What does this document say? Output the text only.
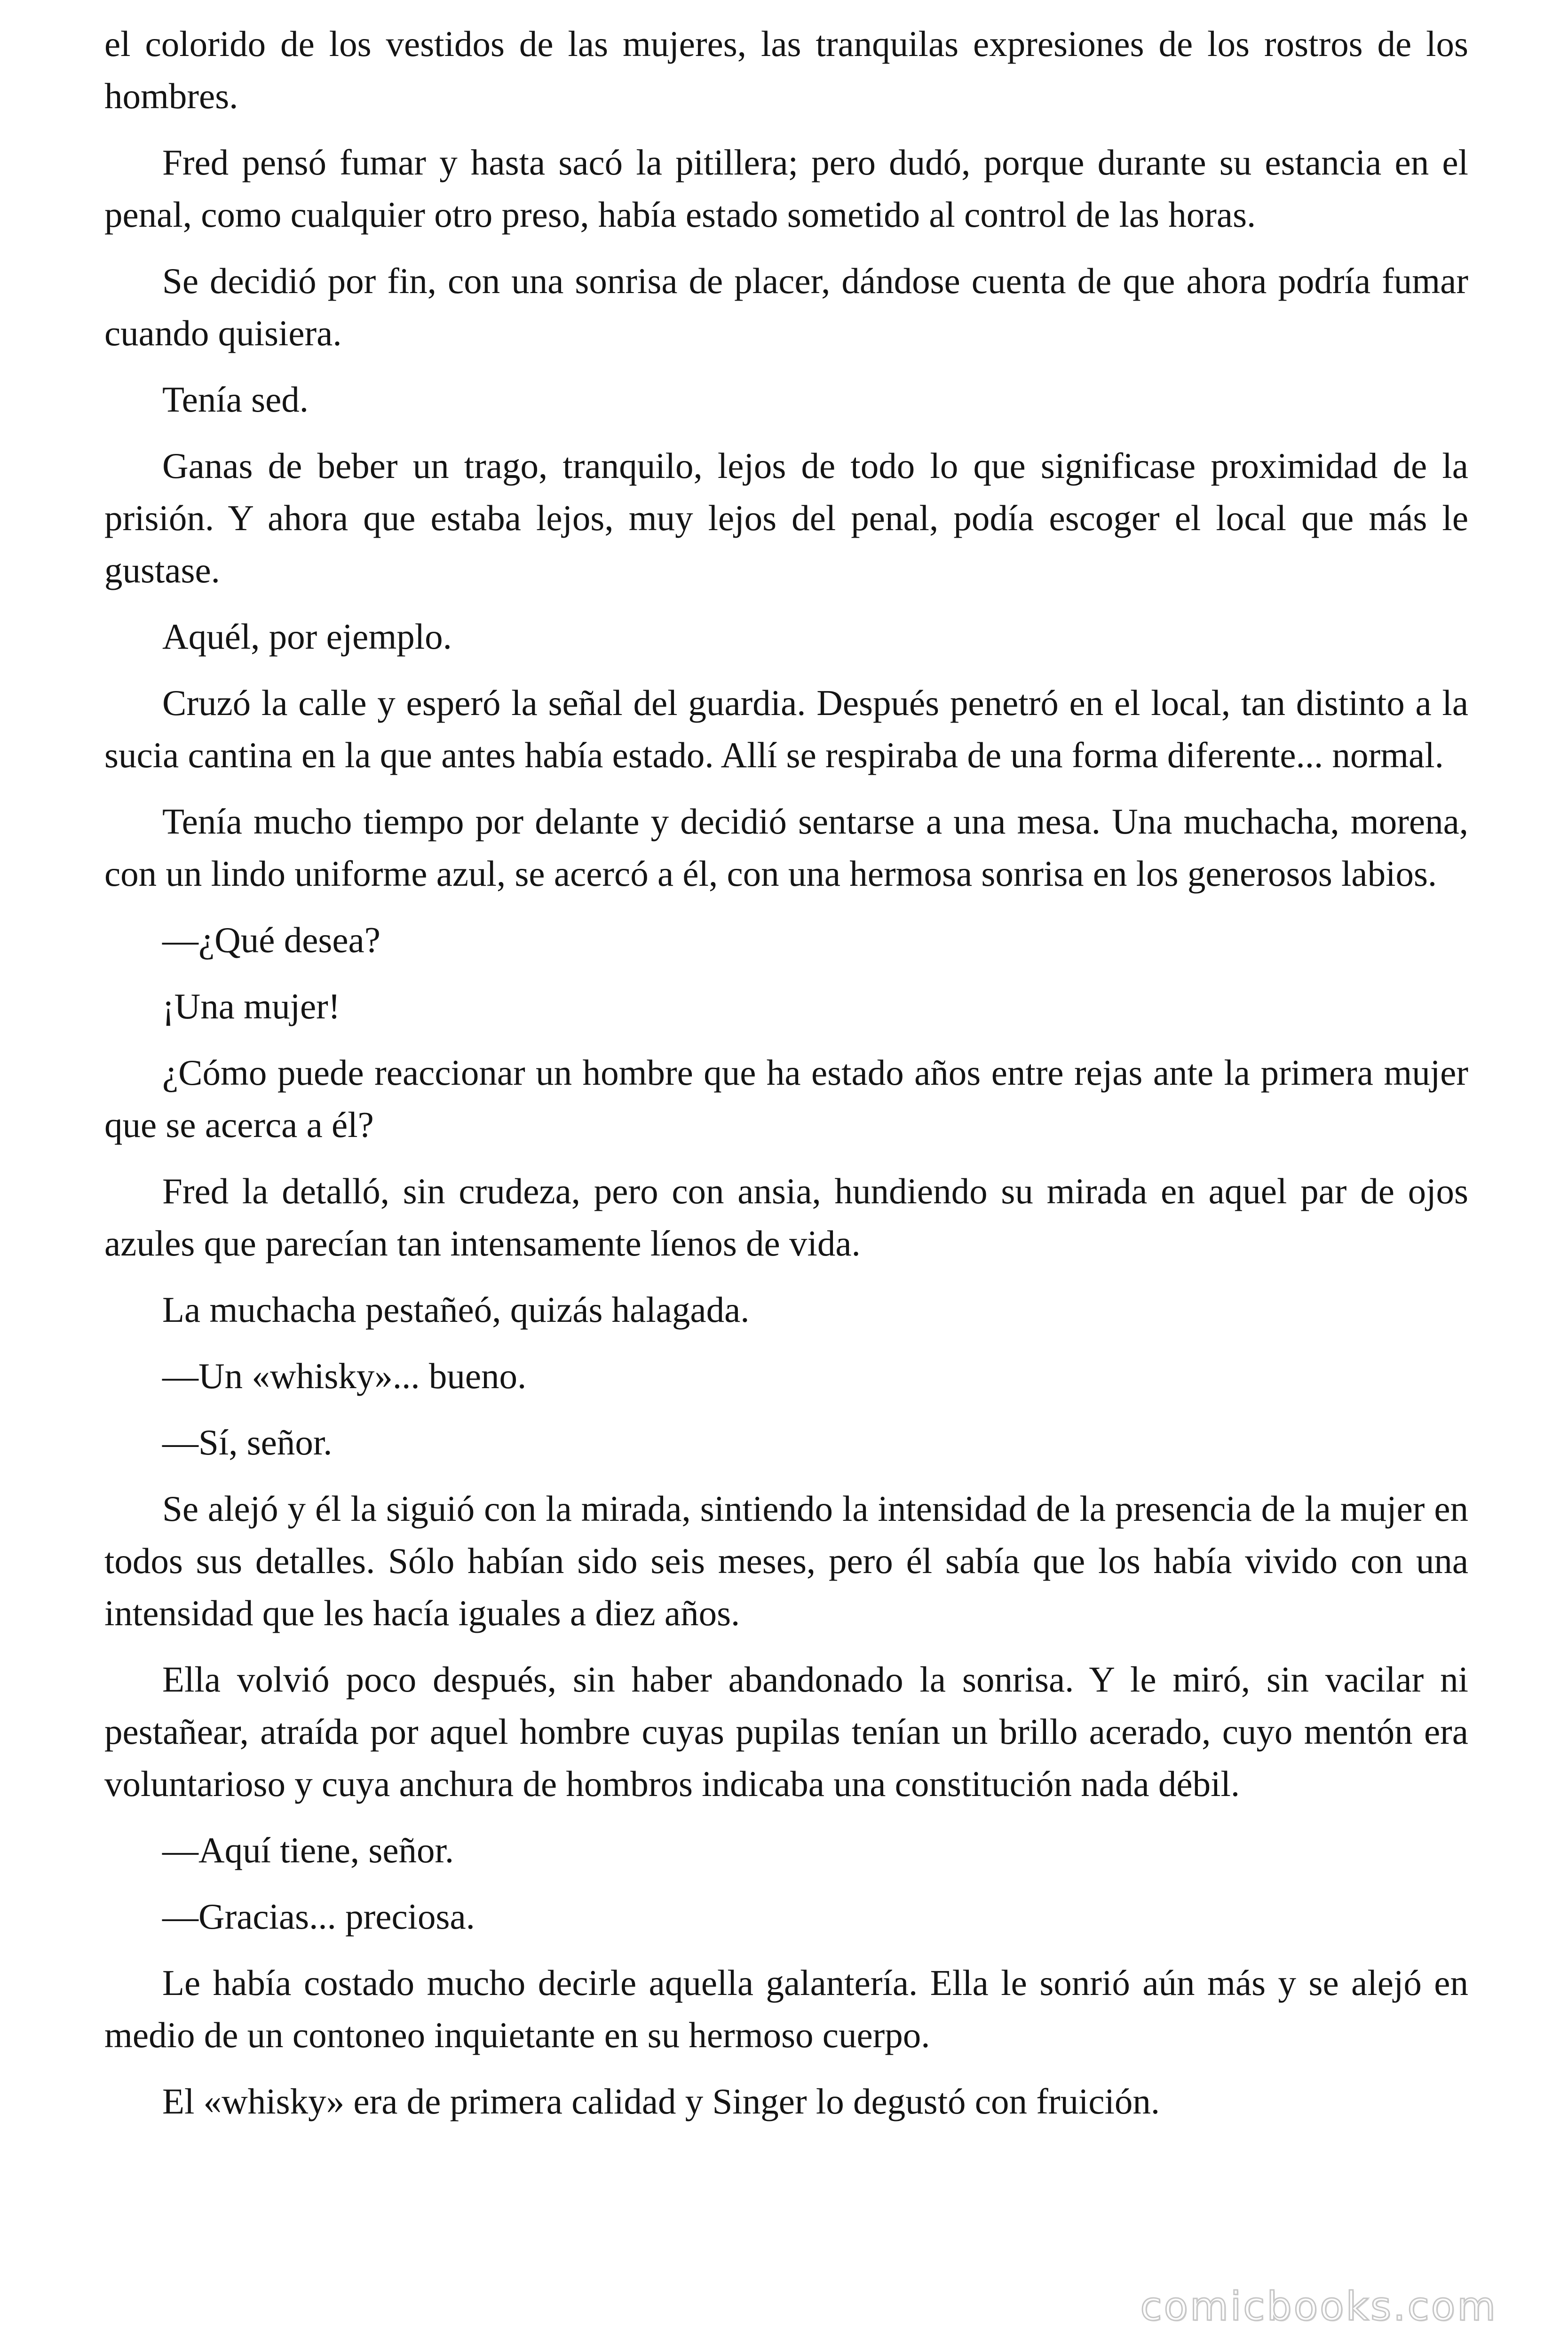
el colorido de los vestidos de las mujeres, las tranquilas expresiones de los rostros de los hombres.

Fred pensó fumar y hasta sacó la pitillera; pero dudó, porque durante su estancia en el penal, como cualquier otro preso, había estado sometido al control de las horas.

Se decidió por fin, con una sonrisa de placer, dándose cuenta de que ahora podría fumar cuando quisiera.

Tenía sed.

Ganas de beber un trago, tranquilo, lejos de todo lo que significase proximidad de la prisión. Y ahora que estaba lejos, muy lejos del penal, podía escoger el local que más le gustase.

Aquél, por ejemplo.

Cruzó la calle y esperó la señal del guardia. Después penetró en el local, tan distinto a la sucia cantina en la que antes había estado. Allí se respiraba de una forma diferente... normal.

Tenía mucho tiempo por delante y decidió sentarse a una mesa. Una muchacha, morena, con un lindo uniforme azul, se acercó a él, con una hermosa sonrisa en los generosos labios.

—¿Qué desea?

¡Una mujer!

¿Cómo puede reaccionar un hombre que ha estado años entre rejas ante la primera mujer que se acerca a él?

Fred la detalló, sin crudeza, pero con ansia, hundiendo su mirada en aquel par de ojos azules que parecían tan intensamente líenos de vida.

La muchacha pestañeó, quizás halagada.

—Un «whisky»... bueno.

—Sí, señor.

Se alejó y él la siguió con la mirada, sintiendo la intensidad de la presencia de la mujer en todos sus detalles. Sólo habían sido seis meses, pero él sabía que los había vivido con una intensidad que les hacía iguales a diez años.

Ella volvió poco después, sin haber abandonado la sonrisa. Y le miró, sin vacilar ni pestañear, atraída por aquel hombre cuyas pupilas tenían un brillo acerado, cuyo mentón era voluntarioso y cuya anchura de hombros indicaba una constitución nada débil.

—Aquí tiene, señor.

—Gracias... preciosa.

Le había costado mucho decirle aquella galantería. Ella le sonrió aún más y se alejó en medio de un contoneo inquietante en su hermoso cuerpo.

El «whisky» era de primera calidad y Singer lo degustó con fruición.

comicbooks.com
